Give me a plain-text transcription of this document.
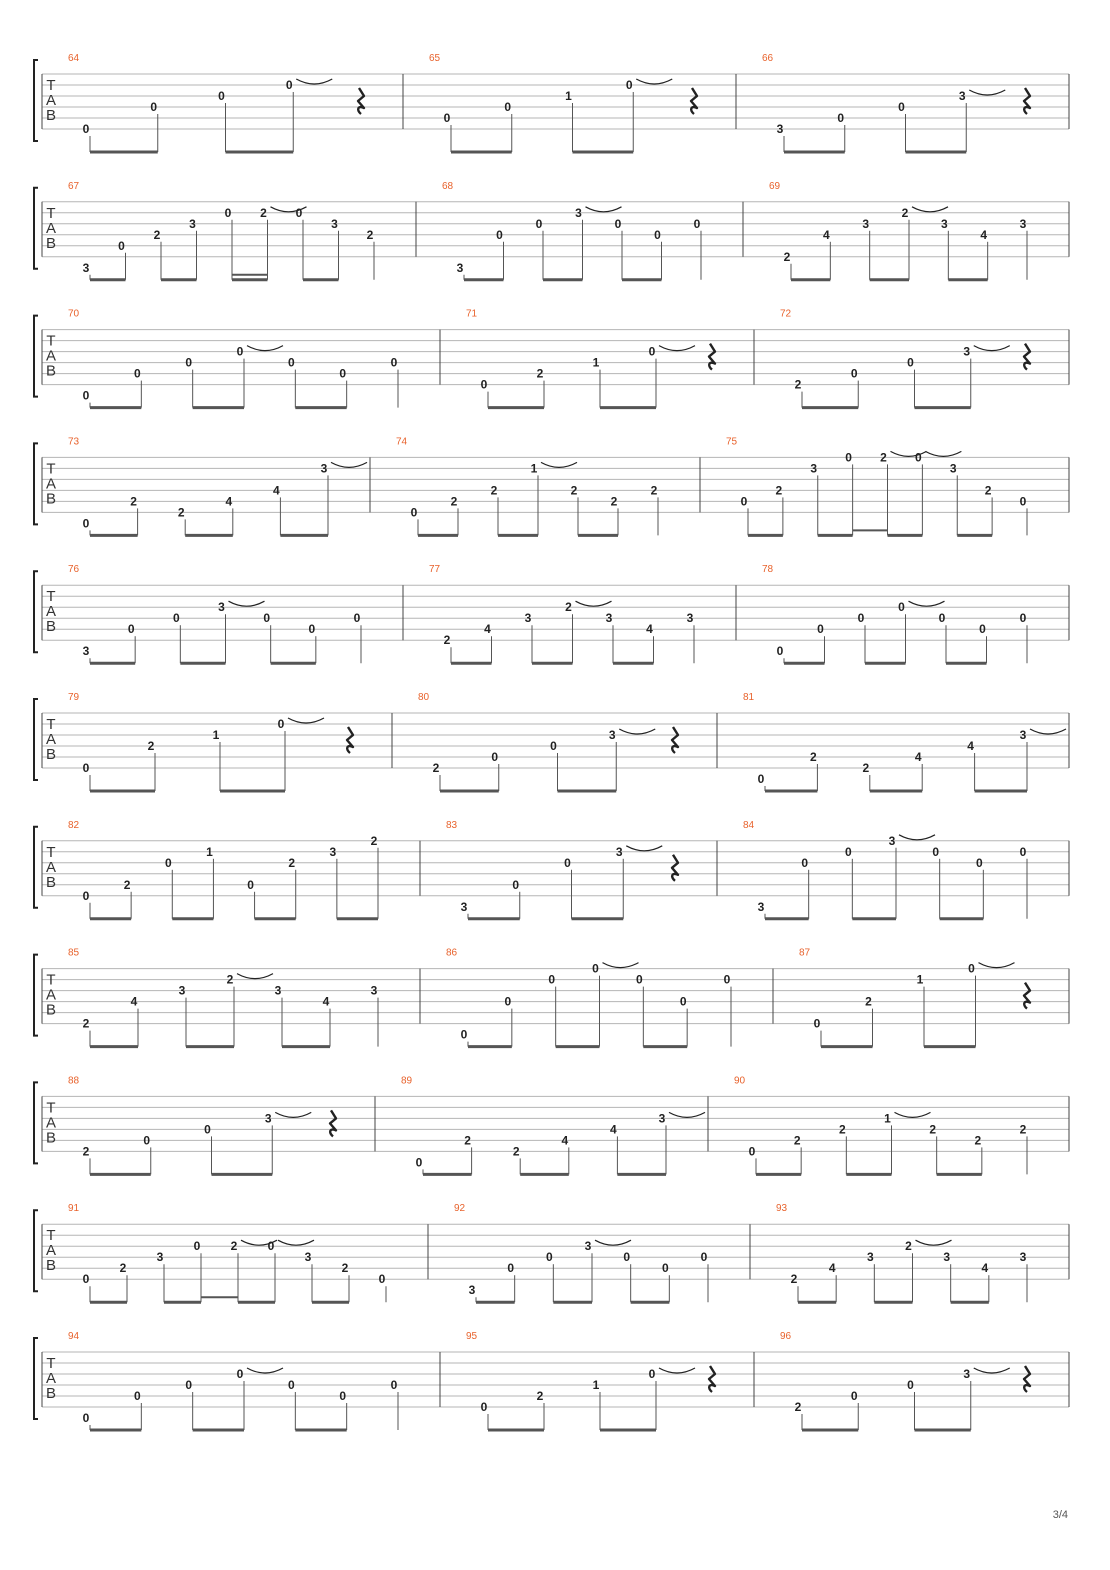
T
A
B
64
0
0
0
0
65
0
0
1
0
66
3
0
0
3
T
A
B
67
3
0
2
3
0 2 0
3
2
68
3
0
0
3
0
0
0
69
2
4
3
2
3
4
3
T
A
B
70
0
0
0
0
0
0
0
71
0
2
1
0
72
2
0
0
3
T
A
B
73
0
2
2
4
4
3
74
0
2
2
1
2
2
2
75
0
2
3
0 2 0
3
2
0
T
A
B
76
3
0
0
3
0
0
0
77
2
4
3
2
3
4
3
78
0
0
0
0
0
0
0
T
A
B
79
0
2
1
0
80
2
0
0
3
81
0
2
2
4
4
3
T
A
B
82
0
2
0
1
0
2
3
2
83
3
0
0
3
84
3
0
0
3
0
0
0
T
A
B
85
2
4
3
2
3
4
3
86
0
0
0
0
0
0
0
87
0
2
1
0
T
A
B
88
2
0
0
3
89
0
2
2
4
4
3
90
0
2
2
1
2
2
2
T
A
B
91
0
2
3
0	2	0
3
2
0
92
3
0
0
3
0
0
0
93
2
4
3
2
3
4
3
T
A
B
94
0
0
0
0
0
0
0
95
0
2
1
0
96
2
0
0
3
3/4
